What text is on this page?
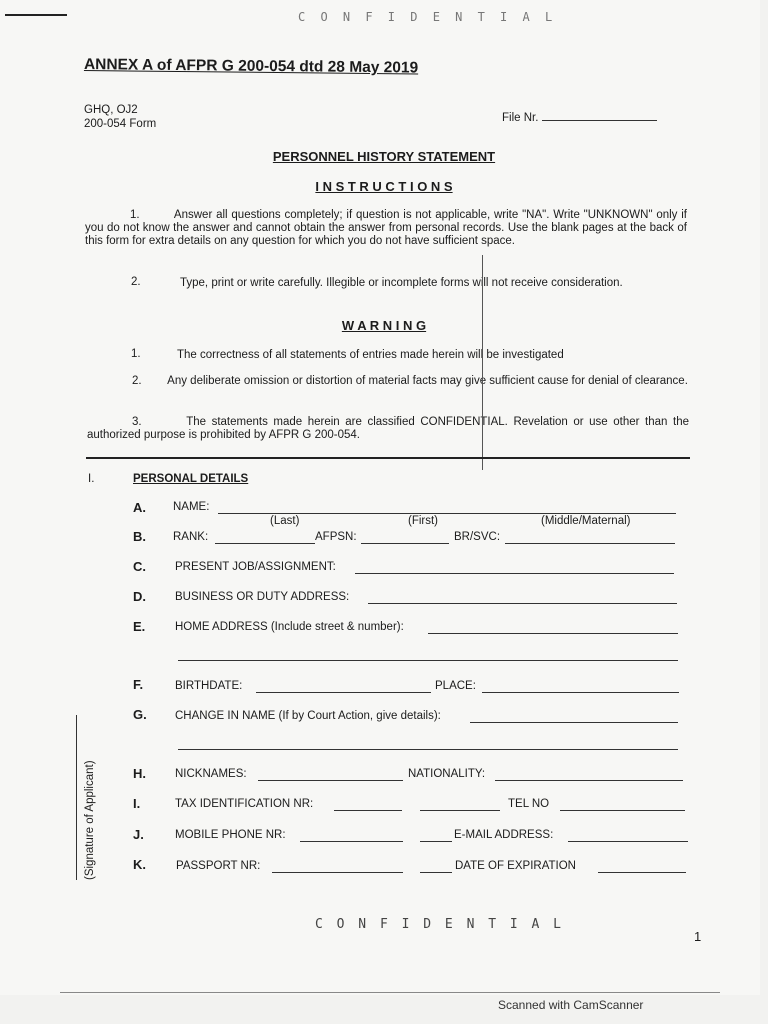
C O N F I D E N T I A L
ANNEX A of AFPR G 200-054 dtd 28 May 2019
GHQ, OJ2
200-054 Form	File Nr.
PERSONNEL HISTORY STATEMENT
I N S T R U C T I O N S
1.	Answer all questions completely; if question is not applicable, write "NA". Write "UNKNOWN" only if you do not know the answer and cannot obtain the answer from personal records. Use the blank pages at the back of this form for extra details on any question for which you do not have sufficient space.
2.	Type, print or write carefully. Illegible or incomplete forms will not receive consideration.
W A R N I N G
1.	The correctness of all statements of entries made herein will be investigated
2. Any deliberate omission or distortion of material facts may give sufficient cause for denial of clearance.
3.	The statements made herein are classified CONFIDENTIAL. Revelation or use other than the authorized purpose is prohibited by AFPR G 200-054.
I.	PERSONAL DETAILS
A. NAME:
(Last)	(First)	(Middle/Maternal)
B. RANK:	AFPSN:	BR/SVC:
C.	PRESENT JOB/ASSIGNMENT:
D.	BUSINESS OR DUTY ADDRESS:
E.	HOME ADDRESS (Include street & number):
F.	BIRTHDATE:	PLACE:
G. CHANGE IN NAME (If by Court Action, give details):
H.	NICKNAMES:	NATIONALITY:
I.	TAX IDENTIFICATION NR:	TEL NO
J.	MOBILE PHONE NR:	E-MAIL ADDRESS:
K.	PASSPORT NR:	DATE OF EXPIRATION
(Signature of Applicant)
C O N F I D E N T I A L
1
Scanned with CamScanner
